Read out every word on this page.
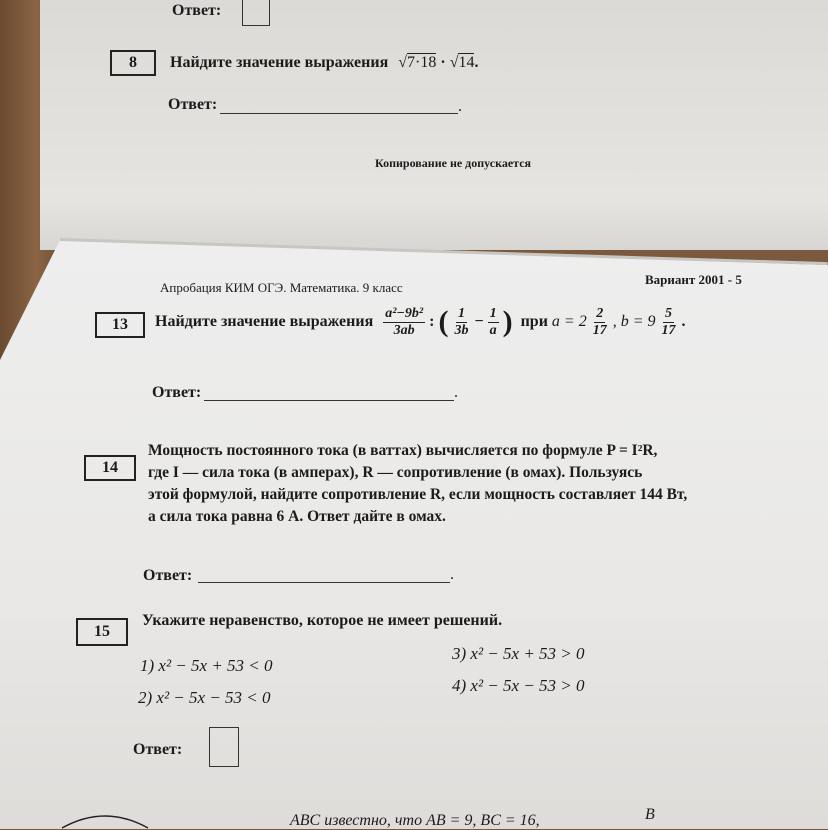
Ответ:
8	Найдите значение выражения √7·18 · √14.
Ответ:	.
Копирование не допускается
Апробация КИМ ОГЭ. Математика. 9 класс
Вариант 2001 - 5
13	Найдите значение выражения $\frac{\text{a²−9b²}}{3ab}$ : ( $\frac{1}{3b} - \frac{1}{a}$ ) при $a = 2 \frac{2}{17}$ , $b = 9 \frac{5}{17}$ .
Ответ:	.
14
Мощность постоянного тока (в ваттах) вычисляется по формуле P = I²R,
где I — сила тока (в амперах), R — сопротивление (в омах). Пользуясь
этой формулой, найдите сопротивление R, если мощность составляет 144 Вт,
а сила тока равна 6 А. Ответ дайте в омах.
Ответ:	.
15
Укажите неравенство, которое не имеет решений.
1) x² − 5x + 53 < 0
2) x² − 5x − 53 < 0
3) x² − 5x + 53 > 0
4) x² − 5x − 53 > 0
Ответ:
ABC известно, что AB = 9, BC = 16,	B
